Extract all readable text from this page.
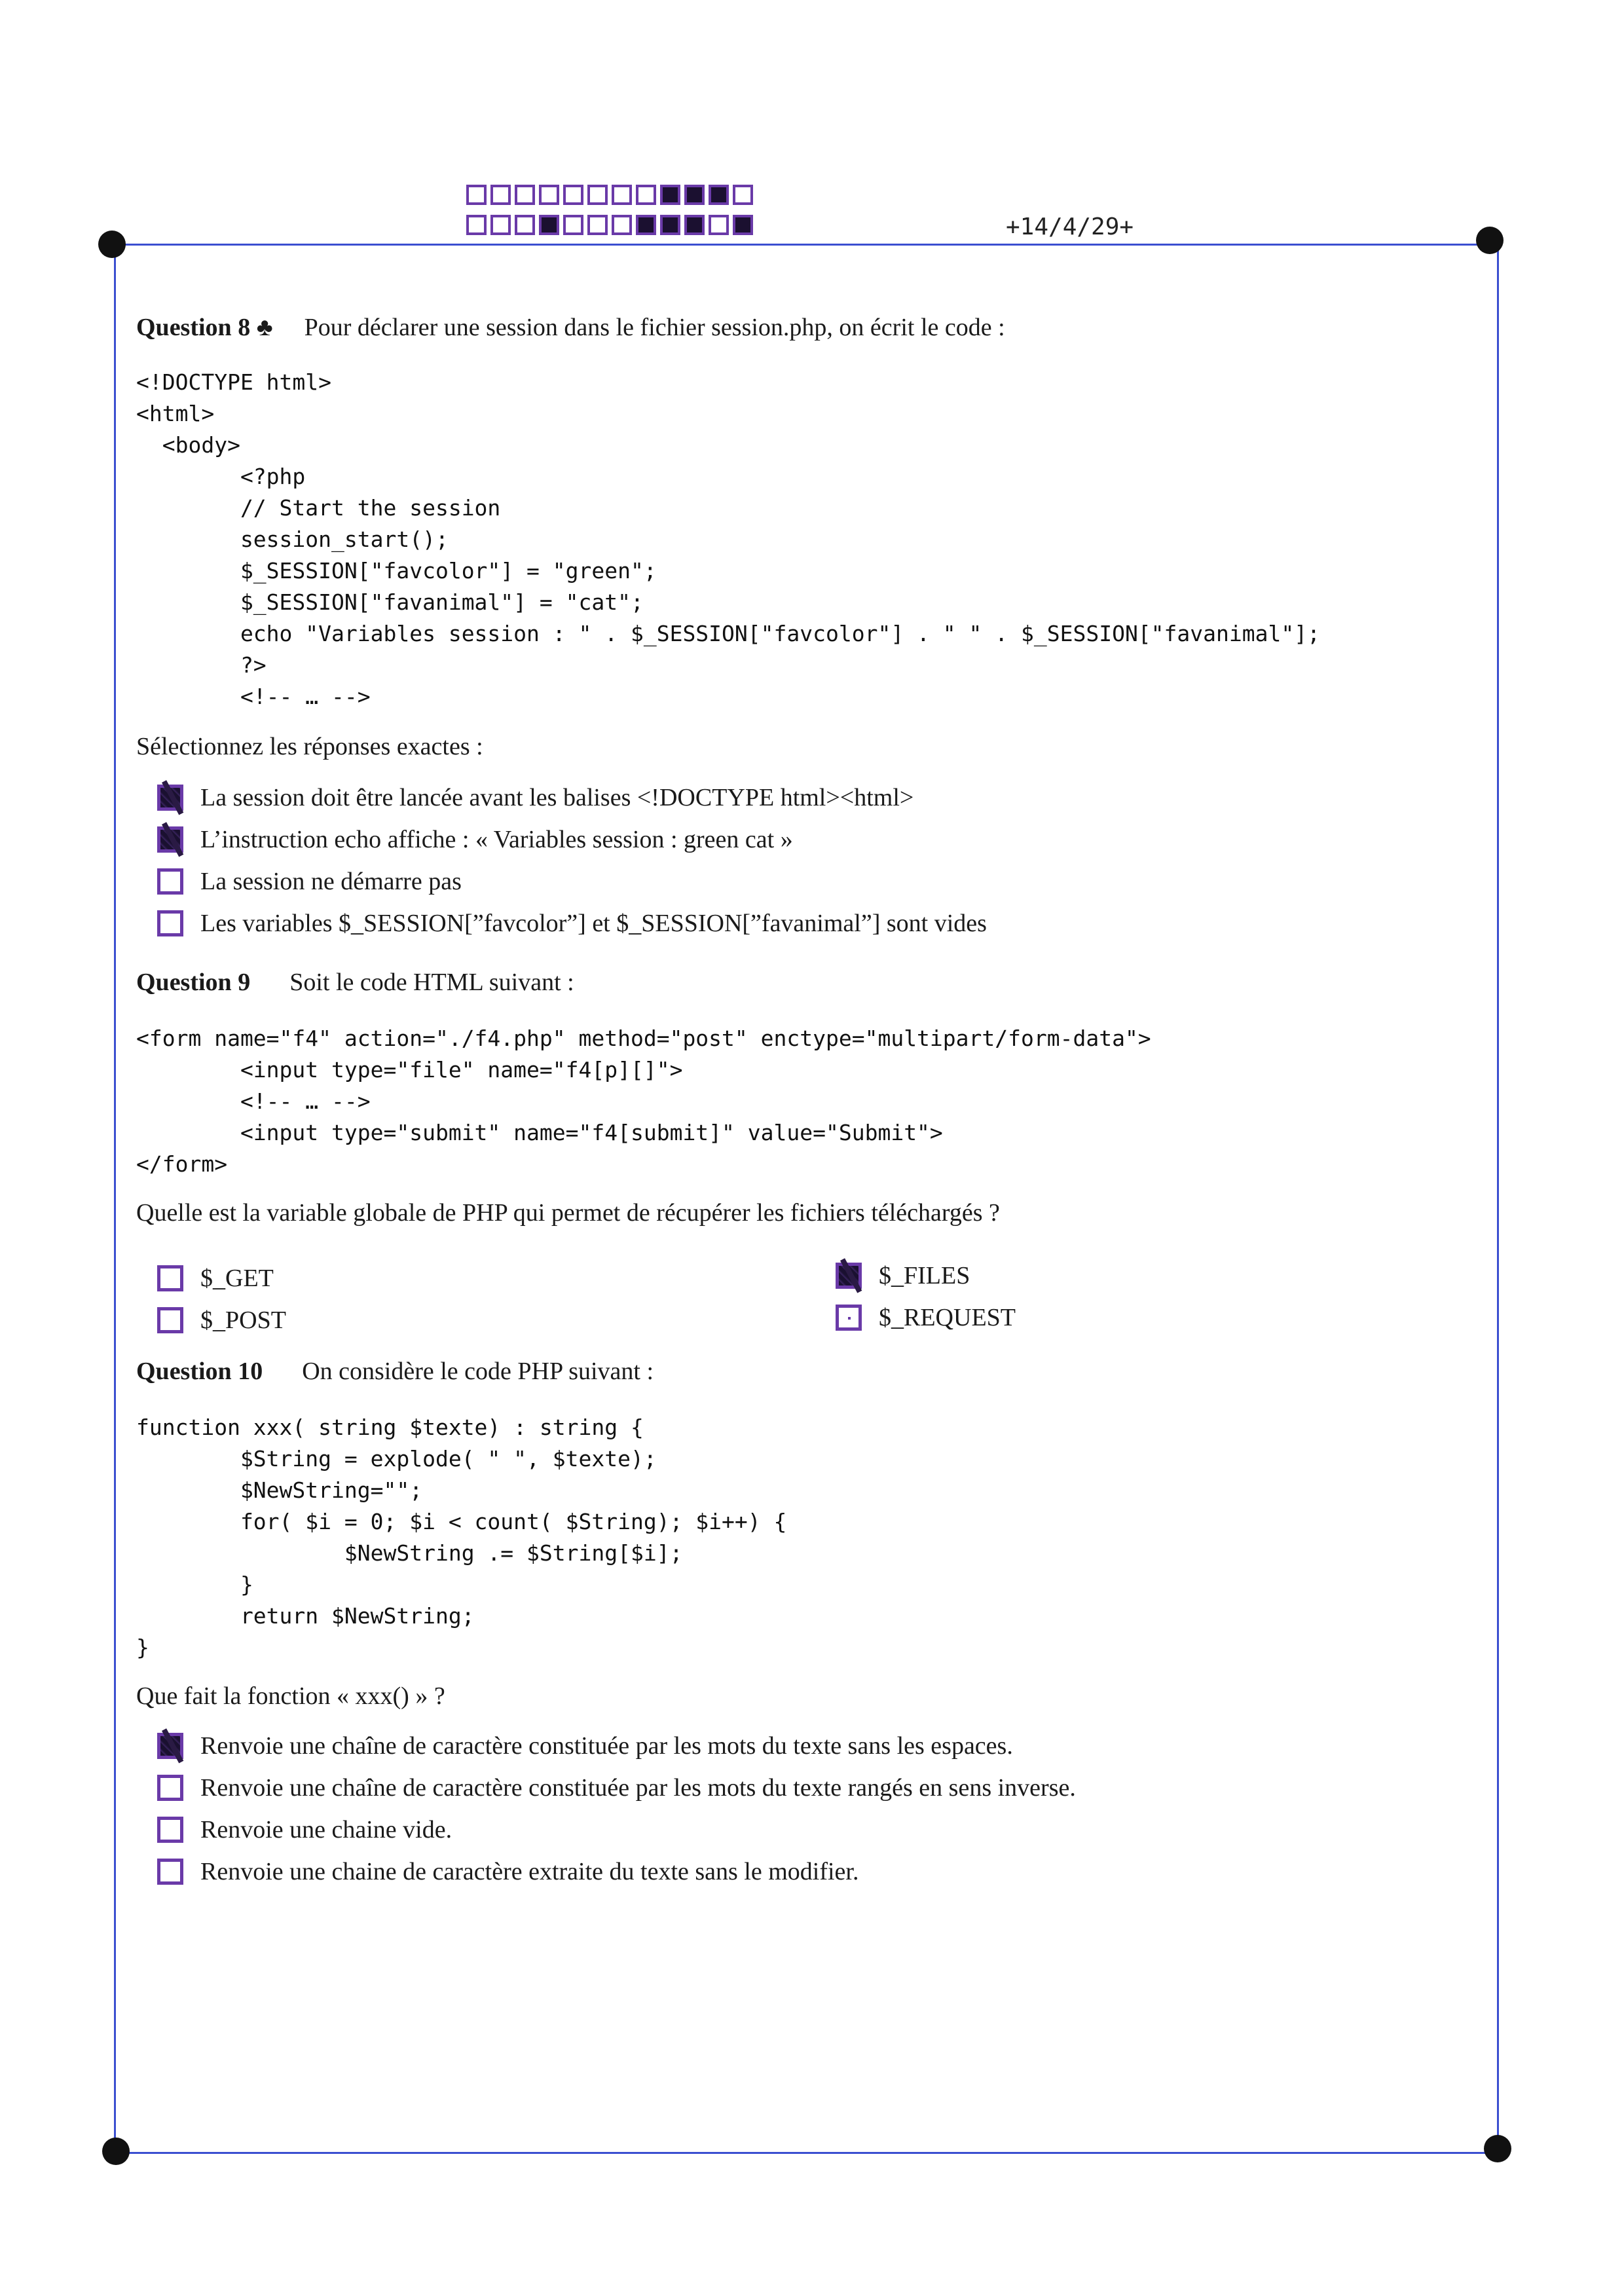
+14/4/29+
Question 8 ♣ Pour déclarer une session dans le fichier session.php, on écrit le code :
<!DOCTYPE html>
<html>
<body>
<?php
// Start the session
session_start();
$_SESSION["favcolor"] = "green";
$_SESSION["favanimal"] = "cat";
echo "Variables session : " . $_SESSION["favcolor"] . " " . $_SESSION["favanimal"];
?>
<!-- … -->
Sélectionnez les réponses exactes :
La session doit être lancée avant les balises <!DOCTYPE html><html>
L’instruction echo affiche : « Variables session : green cat »
La session ne démarre pas
Les variables $_SESSION[”favcolor”] et $_SESSION[”favanimal”] sont vides
Question 9 Soit le code HTML suivant :
<form name="f4" action="./f4.php" method="post" enctype="multipart/form-data">
<input type="file" name="f4[p][]">
<!-- … -->
<input type="submit" name="f4[submit]" value="Submit">
</form>
Quelle est la variable globale de PHP qui permet de récupérer les fichiers téléchargés ?
$_GET
$_POST
$_FILES
$_REQUEST
Question 10 On considère le code PHP suivant :
function xxx( string $texte) : string {
$String = explode( " ", $texte);
$NewString="";
for( $i = 0; $i < count( $String); $i++) {
$NewString .= $String[$i];
}
return $NewString;
}
Que fait la fonction « xxx() » ?
Renvoie une chaîne de caractère constituée par les mots du texte sans les espaces.
Renvoie une chaîne de caractère constituée par les mots du texte rangés en sens inverse.
Renvoie une chaine vide.
Renvoie une chaine de caractère extraite du texte sans le modifier.
